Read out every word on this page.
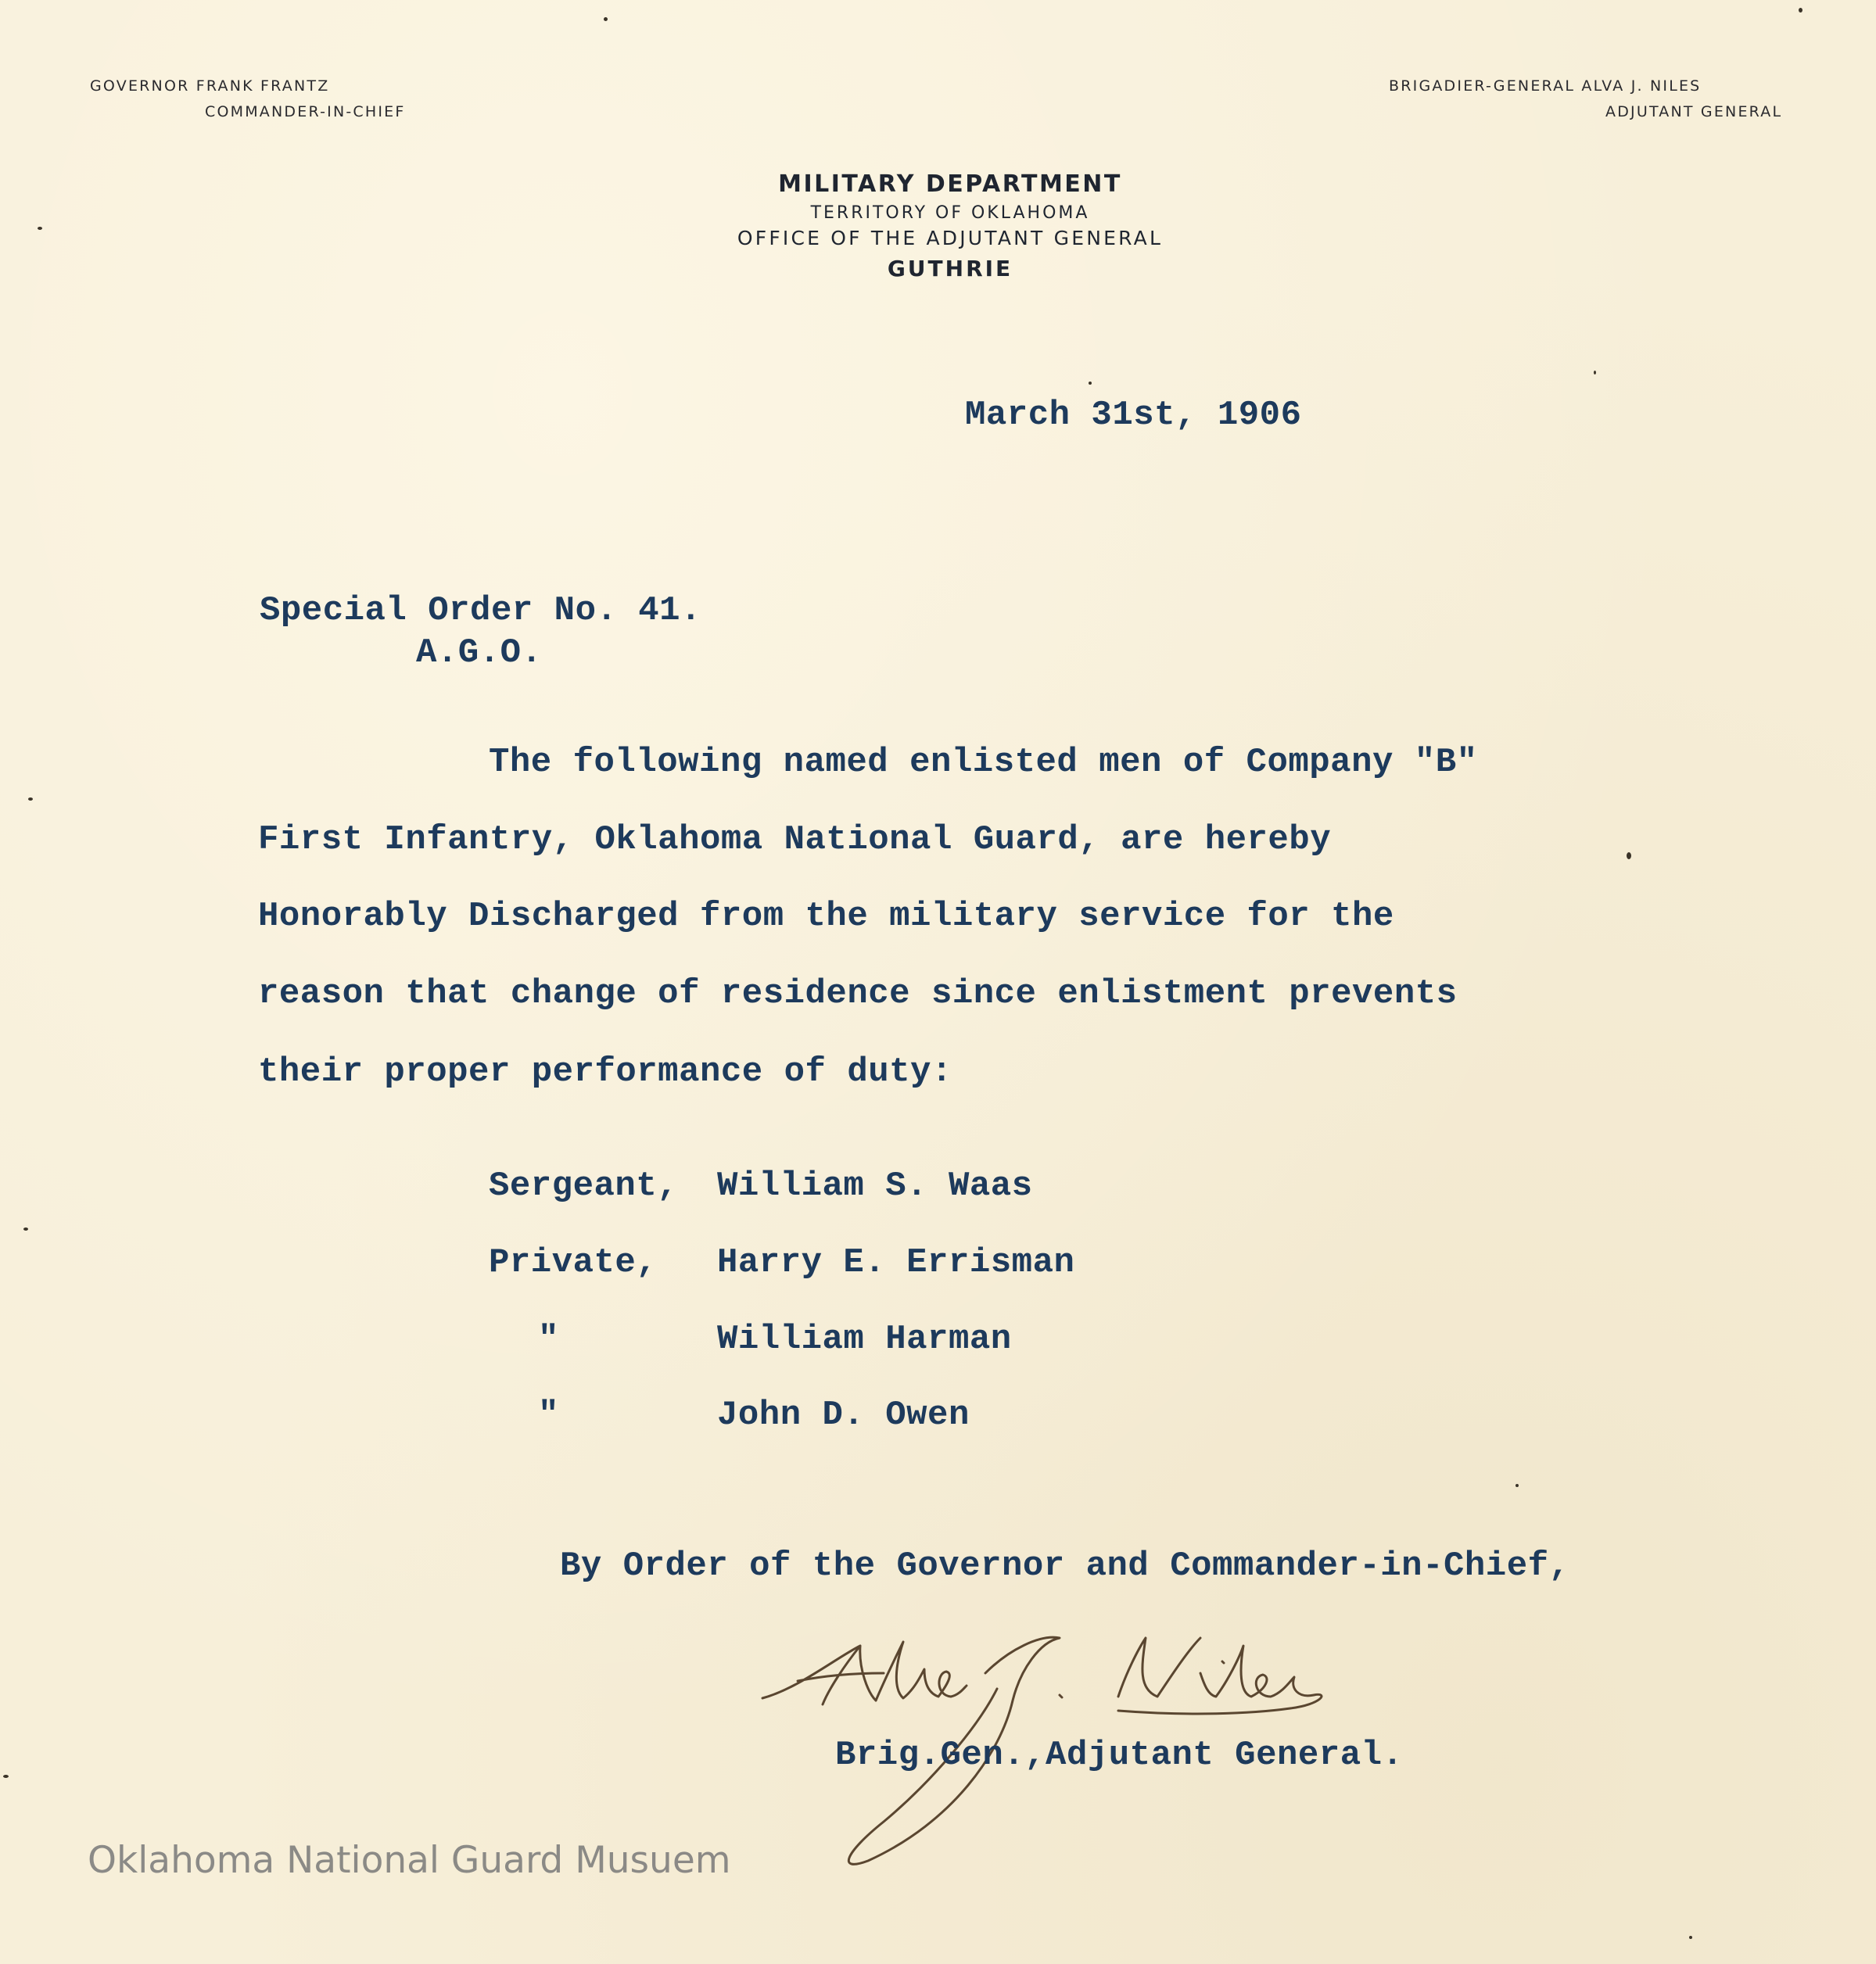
GOVERNOR FRANK FRANTZ
COMMANDER-IN-CHIEF
BRIGADIER-GENERAL ALVA J. NILES
ADJUTANT GENERAL
MILITARY DEPARTMENT
TERRITORY OF OKLAHOMA
OFFICE OF THE ADJUTANT GENERAL
GUTHRIE
March 31st, 1906
Special Order No. 41.
A.G.O.
The following named enlisted men of Company "B"
First Infantry, Oklahoma National Guard, are hereby
Honorably Discharged from the military service for the
reason that change of residence since enlistment prevents
their proper performance of duty:
Sergeant, William S. Waas
Private, Harry E. Errisman
"	William Harman
"	John D. Owen
By Order of the Governor and Commander-in-Chief,
Brig.Gen.,Adjutant General.
Oklahoma National Guard Musuem
